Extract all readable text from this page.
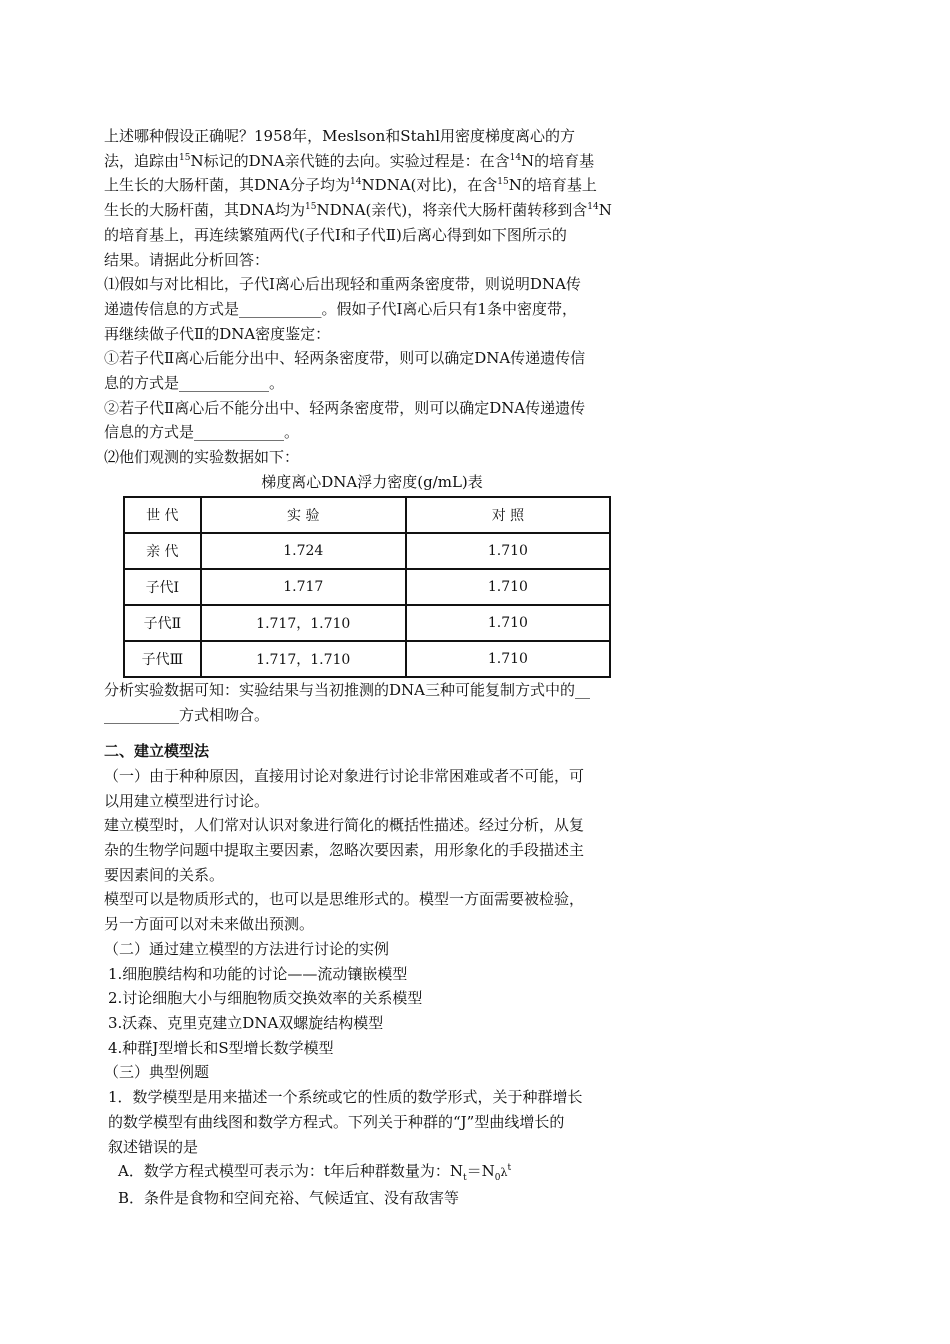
上述哪种假设正确呢？1958年，Meslson和Stahl用密度梯度离心的方

法，追踪由$^{15}$N标记的DNA亲代链的去向。实验过程是：在含$^{14}$N的培育基

上生长的大肠杆菌，其DNA分子均为$^{14}$NDNA(对比)，在含$^{15}$N的培育基上

生长的大肠杆菌，其DNA均为$^{15}$NDNA(亲代)，将亲代大肠杆菌转移到含$^{14}$N

的培育基上，再连续繁殖两代(子代Ⅰ和子代Ⅱ)后离心得到如下图所示的

结果。请据此分析回答：

⑴假如与对比相比，子代Ⅰ离心后出现轻和重两条密度带，则说明DNA传

递遗传信息的方式是___________。假如子代Ⅰ离心后只有1条中密度带，

再继续做子代Ⅱ的DNA密度鉴定：

①若子代Ⅱ离心后能分出中、轻两条密度带，则可以确定DNA传递遗传信

息的方式是____________。

②若子代Ⅱ离心后不能分出中、轻两条密度带，则可以确定DNA传递遗传

信息的方式是____________。

⑵他们观测的实验数据如下：

梯度离心DNA浮力密度(g/mL)表
世 代	实 验	对 照
亲 代	1.724	1.710
子代Ⅰ	1.717	1.710
子代Ⅱ	1.717，1.710	1.710
子代Ⅲ	1.717，1.710	1.710

分析实验数据可知：实验结果与当初推测的DNA三种可能复制方式中的__

__________方式相吻合。

二、建立模型法

（一）由于种种原因，直接用讨论对象进行讨论非常困难或者不可能，可

以用建立模型进行讨论。

建立模型时，人们常对认识对象进行简化的概括性描述。经过分析，从复

杂的生物学问题中提取主要因素，忽略次要因素，用形象化的手段描述主

要因素间的关系。

模型可以是物质形式的，也可以是思维形式的。模型一方面需要被检验，

另一方面可以对未来做出预测。

（二）通过建立模型的方法进行讨论的实例

1.细胞膜结构和功能的讨论——流动镶嵌模型

2.讨论细胞大小与细胞物质交换效率的关系模型

3.沃森、克里克建立DNA双螺旋结构模型

4.种群J型增长和S型增长数学模型

（三）典型例题

1．数学模型是用来描述一个系统或它的性质的数学形式，关于种群增长

的数学模型有曲线图和数学方程式。下列关于种群的“J”型曲线增长的

叙述错误的是

A．数学方程式模型可表示为：t年后种群数量为：$N_t=N_0\lambda^t$

B．条件是食物和空间充裕、气候适宜、没有敌害等
